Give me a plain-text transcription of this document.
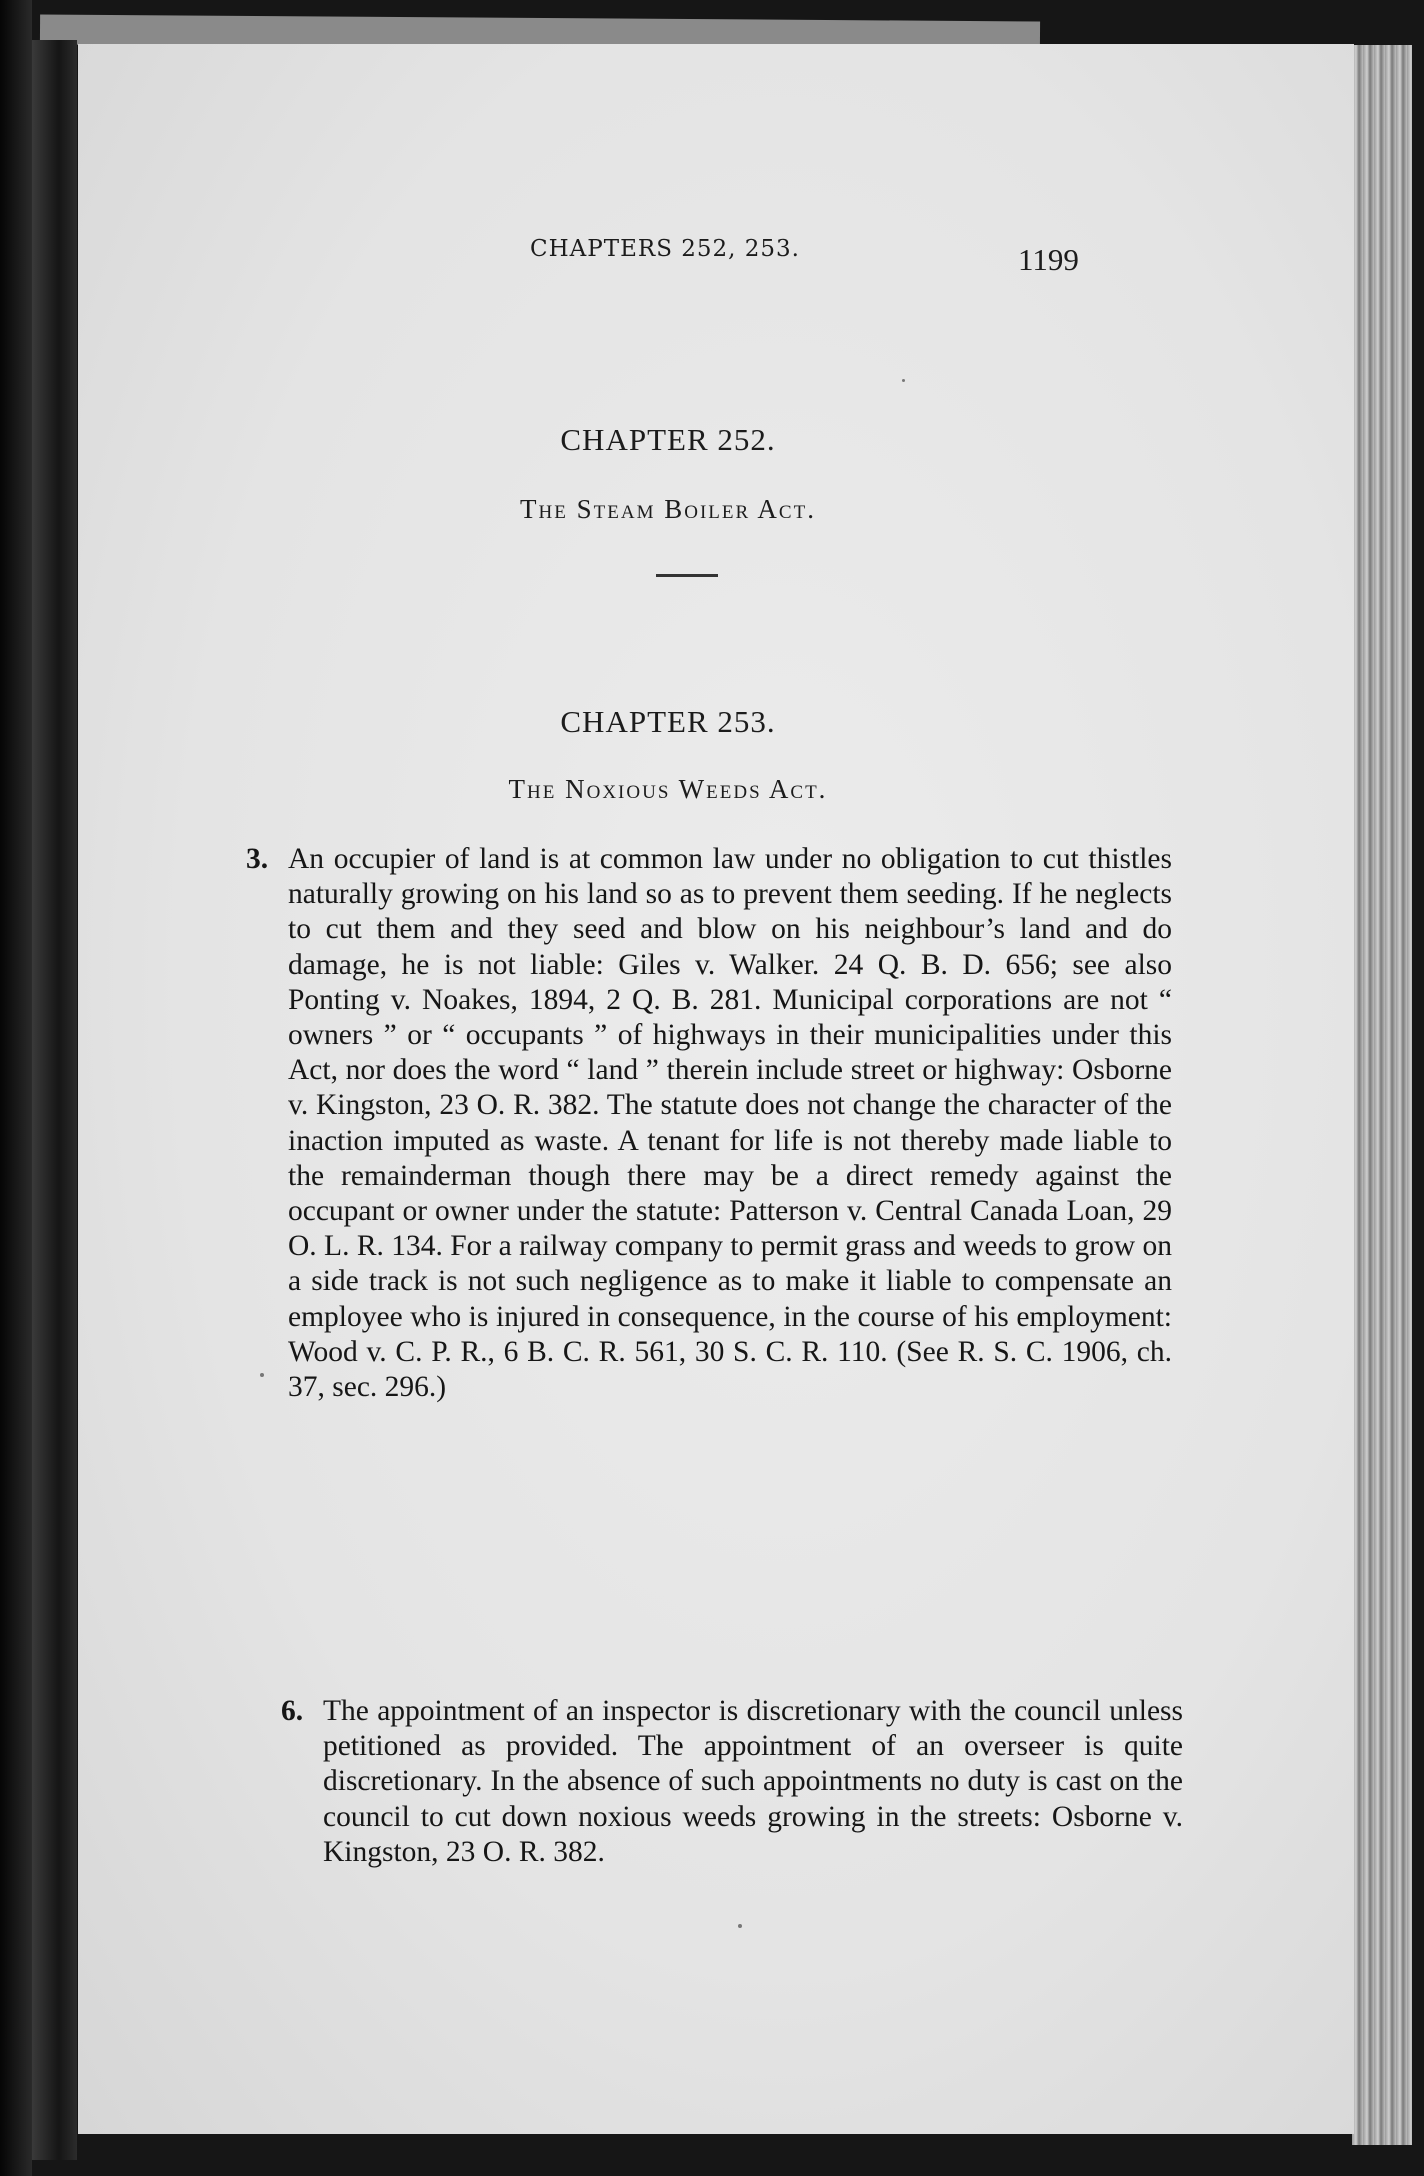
CHAPTERS 252, 253.	1199
CHAPTER 252.
The Steam Boiler Act.
CHAPTER 253.
The Noxious Weeds Act.
3. An occupier of land is at common law under no obligation to cut thistles naturally growing on his land so as to prevent them seeding. If he neglects to cut them and they seed and blow on his neighbour’s land and do damage, he is not liable: Giles v. Walker. 24 Q. B. D. 656; see also Ponting v. Noakes, 1894, 2 Q. B. 281. Municipal corporations are not “ owners ” or “ occupants ” of highways in their municipalities under this Act, nor does the word “ land ” therein include street or highway: Osborne v. Kingston, 23 O. R. 382. The statute does not change the character of the inaction imputed as waste. A tenant for life is not thereby made liable to the remainderman though there may be a direct remedy against the occupant or owner under the statute: Patterson v. Central Canada Loan, 29 O. L. R. 134. For a railway company to permit grass and weeds to grow on a side track is not such negligence as to make it liable to compensate an employee who is injured in consequence, in the course of his employment: Wood v. C. P. R., 6 B. C. R. 561, 30 S. C. R. 110. (See R. S. C. 1906, ch. 37, sec. 296.)
6. The appointment of an inspector is discretionary with the council unless petitioned as provided. The appointment of an overseer is quite discretionary. In the absence of such appointments no duty is cast on the council to cut down noxious weeds growing in the streets: Osborne v. Kingston, 23 O. R. 382.
